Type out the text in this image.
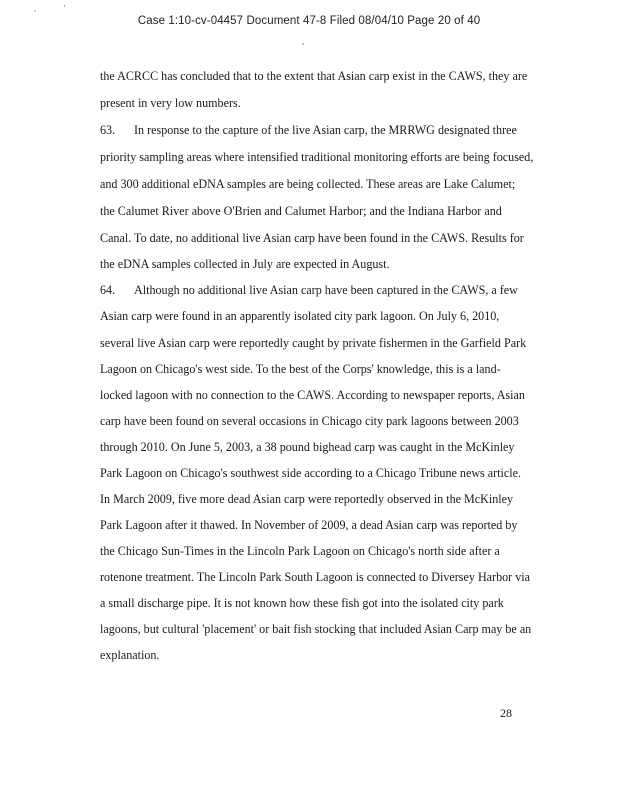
,	'
Case 1:10-cv-04457 Document 47-8 Filed 08/04/10 Page 20 of 40
,
the ACRCC has concluded that to the extent that Asian carp exist in the CAWS, they are
present in very low numbers.
63. In response to the capture of the live Asian carp, the MRRWG designated three
priority sampling areas where intensified traditional monitoring efforts are being focused,
and 300 additional eDNA samples are being collected. These areas are Lake Calumet;
the Calumet River above O'Brien and Calumet Harbor; and the Indiana Harbor and
Canal. To date, no additional live Asian carp have been found in the CAWS. Results for
the eDNA samples collected in July are expected in August.
64. Although no additional live Asian carp have been captured in the CAWS, a few
Asian carp were found in an apparently isolated city park lagoon. On July 6, 2010,
several live Asian carp were reportedly caught by private fishermen in the Garfield Park
Lagoon on Chicago's west side. To the best of the Corps' knowledge, this is a land-
locked lagoon with no connection to the CAWS. According to newspaper reports, Asian
carp have been found on several occasions in Chicago city park lagoons between 2003
through 2010. On June 5, 2003, a 38 pound bighead carp was caught in the McKinley
Park Lagoon on Chicago's southwest side according to a Chicago Tribune news article.
In March 2009, five more dead Asian carp were reportedly observed in the McKinley
Park Lagoon after it thawed. In November of 2009, a dead Asian carp was reported by
the Chicago Sun-Times in the Lincoln Park Lagoon on Chicago's north side after a
rotenone treatment. The Lincoln Park South Lagoon is connected to Diversey Harbor via
a small discharge pipe. It is not known how these fish got into the isolated city park
lagoons, but cultural 'placement' or bait fish stocking that included Asian Carp may be an
explanation.
28
